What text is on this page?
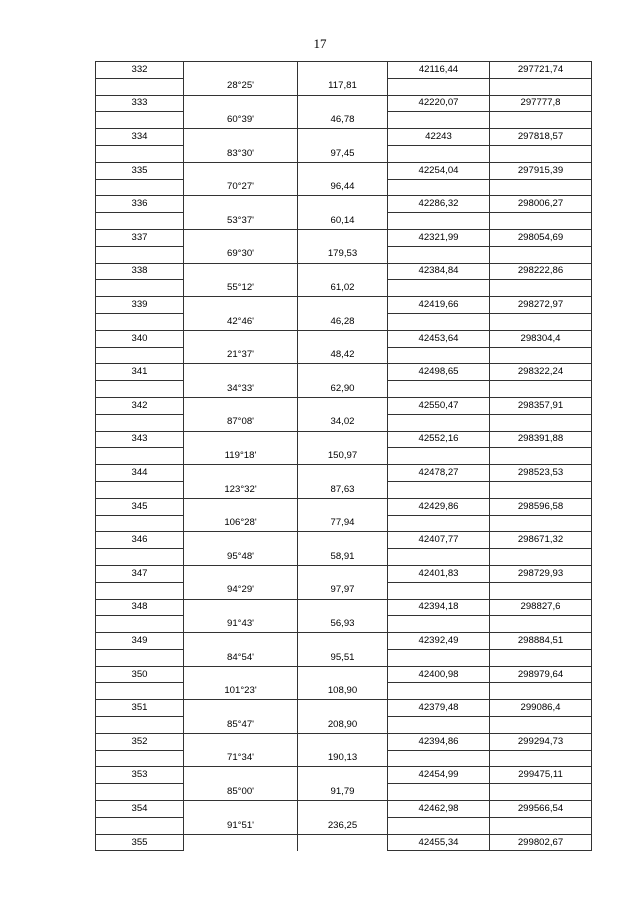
17
332			42116,44	297721,74
	28°25'	117,81		
333			42220,07	297777,8
	60°39'	46,78		
334			42243	297818,57
	83°30'	97,45		
335			42254,04	297915,39
	70°27'	96,44		
336			42286,32	298006,27
	53°37'	60,14		
337			42321,99	298054,69
	69°30'	179,53		
338			42384,84	298222,86
	55°12'	61,02		
339			42419,66	298272,97
	42°46'	46,28		
340			42453,64	298304,4
	21°37'	48,42		
341			42498,65	298322,24
	34°33'	62,90		
342			42550,47	298357,91
	87°08'	34,02		
343			42552,16	298391,88
	119°18'	150,97		
344			42478,27	298523,53
	123°32'	87,63		
345			42429,86	298596,58
	106°28'	77,94		
346			42407,77	298671,32
	95°48'	58,91		
347			42401,83	298729,93
	94°29'	97,97		
348			42394,18	298827,6
	91°43'	56,93		
349			42392,49	298884,51
	84°54'	95,51		
350			42400,98	298979,64
	101°23'	108,90		
351			42379,48	299086,4
	85°47'	208,90		
352			42394,86	299294,73
	71°34'	190,13		
353			42454,99	299475,11
	85°00'	91,79		
354			42462,98	299566,54
	91°51'	236,25		
355			42455,34	299802,67
